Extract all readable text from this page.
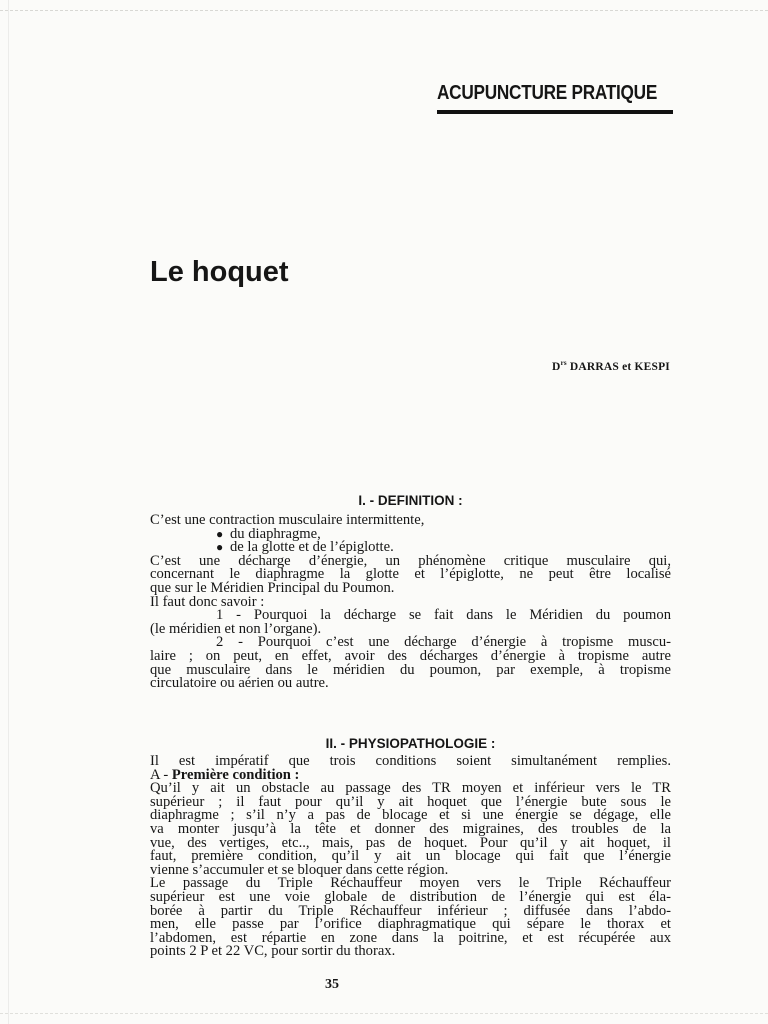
ACUPUNCTURE PRATIQUE
Le hoquet
$D^{rs}$ DARRAS et KESPI
I. - DEFINITION :

C’est une contraction musculaire intermittente,

● du diaphragme,

● de la glotte et de l’épiglotte.

C’est une décharge d’énergie, un phénomène critique musculaire qui,

concernant le diaphragme la glotte et l’épiglotte, ne peut être localisé

que sur le Méridien Principal du Poumon.

Il faut donc savoir :

1 - Pourquoi la décharge se fait dans le Méridien du poumon

(le méridien et non l’organe).

2 - Pourquoi c’est une décharge d’énergie à tropisme muscu-

laire ; on peut, en effet, avoir des décharges d’énergie à tropisme autre

que musculaire dans le méridien du poumon, par exemple, à tropisme

circulatoire ou aérien ou autre.

II. - PHYSIOPATHOLOGIE :

Il est impératif que trois conditions soient simultanément remplies.

A - Première condition :

Qu’il y ait un obstacle au passage des TR moyen et inférieur vers le TR

supérieur ; il faut pour qu’il y ait hoquet que l’énergie bute sous le

diaphragme ; s’il n’y a pas de blocage et si une énergie se dégage, elle

va monter jusqu’à la tête et donner des migraines, des troubles de la

vue, des vertiges, etc.., mais, pas de hoquet. Pour qu’il y ait hoquet, il

faut, première condition, qu’il y ait un blocage qui fait que l’énergie

vienne s’accumuler et se bloquer dans cette région.

Le passage du Triple Réchauffeur moyen vers le Triple Réchauffeur

supérieur est une voie globale de distribution de l’énergie qui est éla-

borée à partir du Triple Réchauffeur inférieur ; diffusée dans l’abdo-

men, elle passe par l’orifice diaphragmatique qui sépare le thorax et

l’abdomen, est répartie en zone dans la poitrine, et est récupérée aux

points 2 P et 22 VC, pour sortir du thorax.

35
